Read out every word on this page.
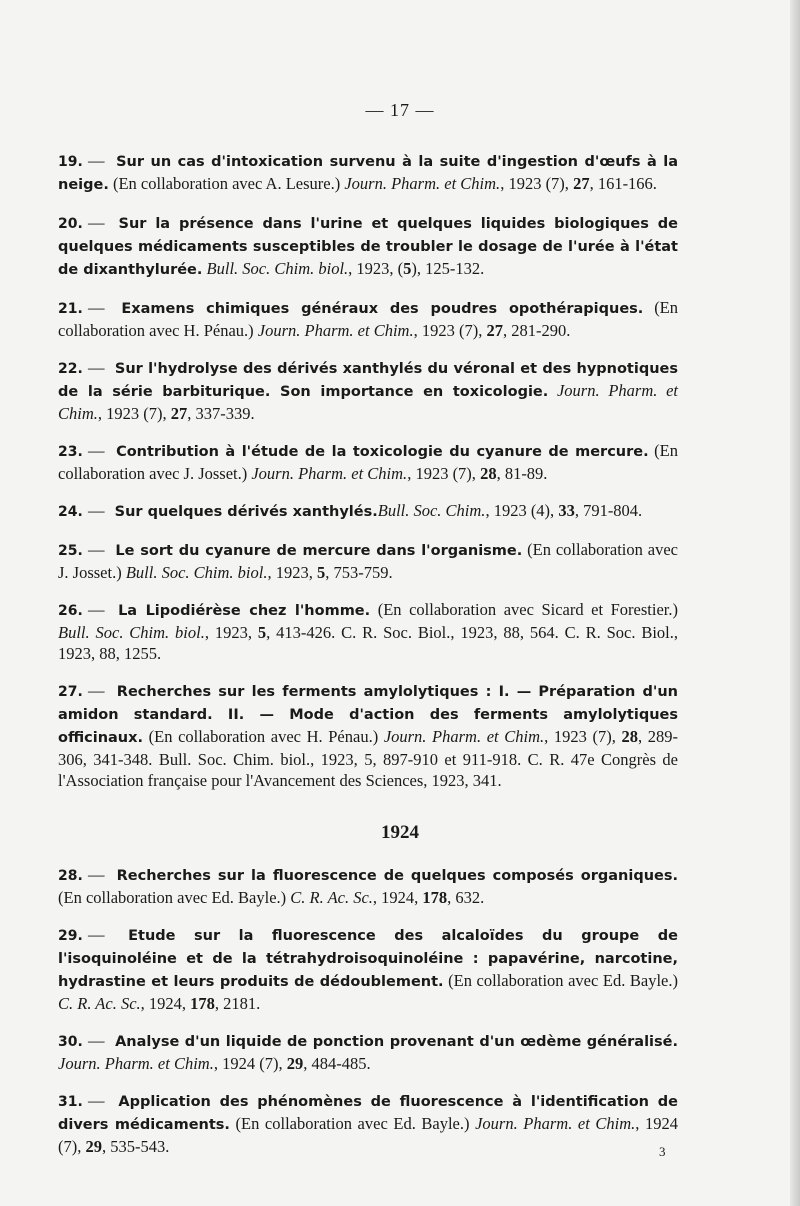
— 17 —
19. — Sur un cas d'intoxication survenu à la suite d'ingestion d'œufs à la neige. (En collaboration avec A. Lesure.) Journ. Pharm. et Chim., 1923 (7), 27, 161-166.
20. — Sur la présence dans l'urine et quelques liquides biologiques de quelques médicaments susceptibles de troubler le dosage de l'urée à l'état de dixanthylurée. Bull. Soc. Chim. biol., 1923, (5), 125-132.
21. — Examens chimiques généraux des poudres opothérapiques. (En collaboration avec H. Pénau.) Journ. Pharm. et Chim., 1923 (7), 27, 281-290.
22. — Sur l'hydrolyse des dérivés xanthylés du véronal et des hypnotiques de la série barbiturique. Son importance en toxicologie. Journ. Pharm. et Chim., 1923 (7), 27, 337-339.
23. — Contribution à l'étude de la toxicologie du cyanure de mercure. (En collaboration avec J. Josset.) Journ. Pharm. et Chim., 1923 (7), 28, 81-89.
24. — Sur quelques dérivés xanthylés.Bull. Soc. Chim., 1923 (4), 33, 791-804.
25. — Le sort du cyanure de mercure dans l'organisme. (En collaboration avec J. Josset.) Bull. Soc. Chim. biol., 1923, 5, 753-759.
26. — La Lipodiérèse chez l'homme. (En collaboration avec Sicard et Forestier.) Bull. Soc. Chim. biol., 1923, 5, 413-426. C. R. Soc. Biol., 1923, 88, 564. C. R. Soc. Biol., 1923, 88, 1255.
27. — Recherches sur les ferments amylolytiques : I. — Préparation d'un amidon standard. II. — Mode d'action des ferments amylolytiques officinaux. (En collaboration avec H. Pénau.) Journ. Pharm. et Chim., 1923 (7), 28, 289-306, 341-348. Bull. Soc. Chim. biol., 1923, 5, 897-910 et 911-918. C. R. 47e Congrès de l'Association française pour l'Avancement des Sciences, 1923, 341.
1924
28. — Recherches sur la fluorescence de quelques composés organiques. (En collaboration avec Ed. Bayle.) C. R. Ac. Sc., 1924, 178, 632.
29. — Etude sur la fluorescence des alcaloïdes du groupe de l'isoquinoléine et de la tétrahydroisoquinoléine : papavérine, narcotine, hydrastine et leurs produits de dédoublement. (En collaboration avec Ed. Bayle.) C. R. Ac. Sc., 1924, 178, 2181.
30. — Analyse d'un liquide de ponction provenant d'un œdème généralisé. Journ. Pharm. et Chim., 1924 (7), 29, 484-485.
31. — Application des phénomènes de fluorescence à l'identification de divers médicaments. (En collaboration avec Ed. Bayle.) Journ. Pharm. et Chim., 1924 (7), 29, 535-543.	3
